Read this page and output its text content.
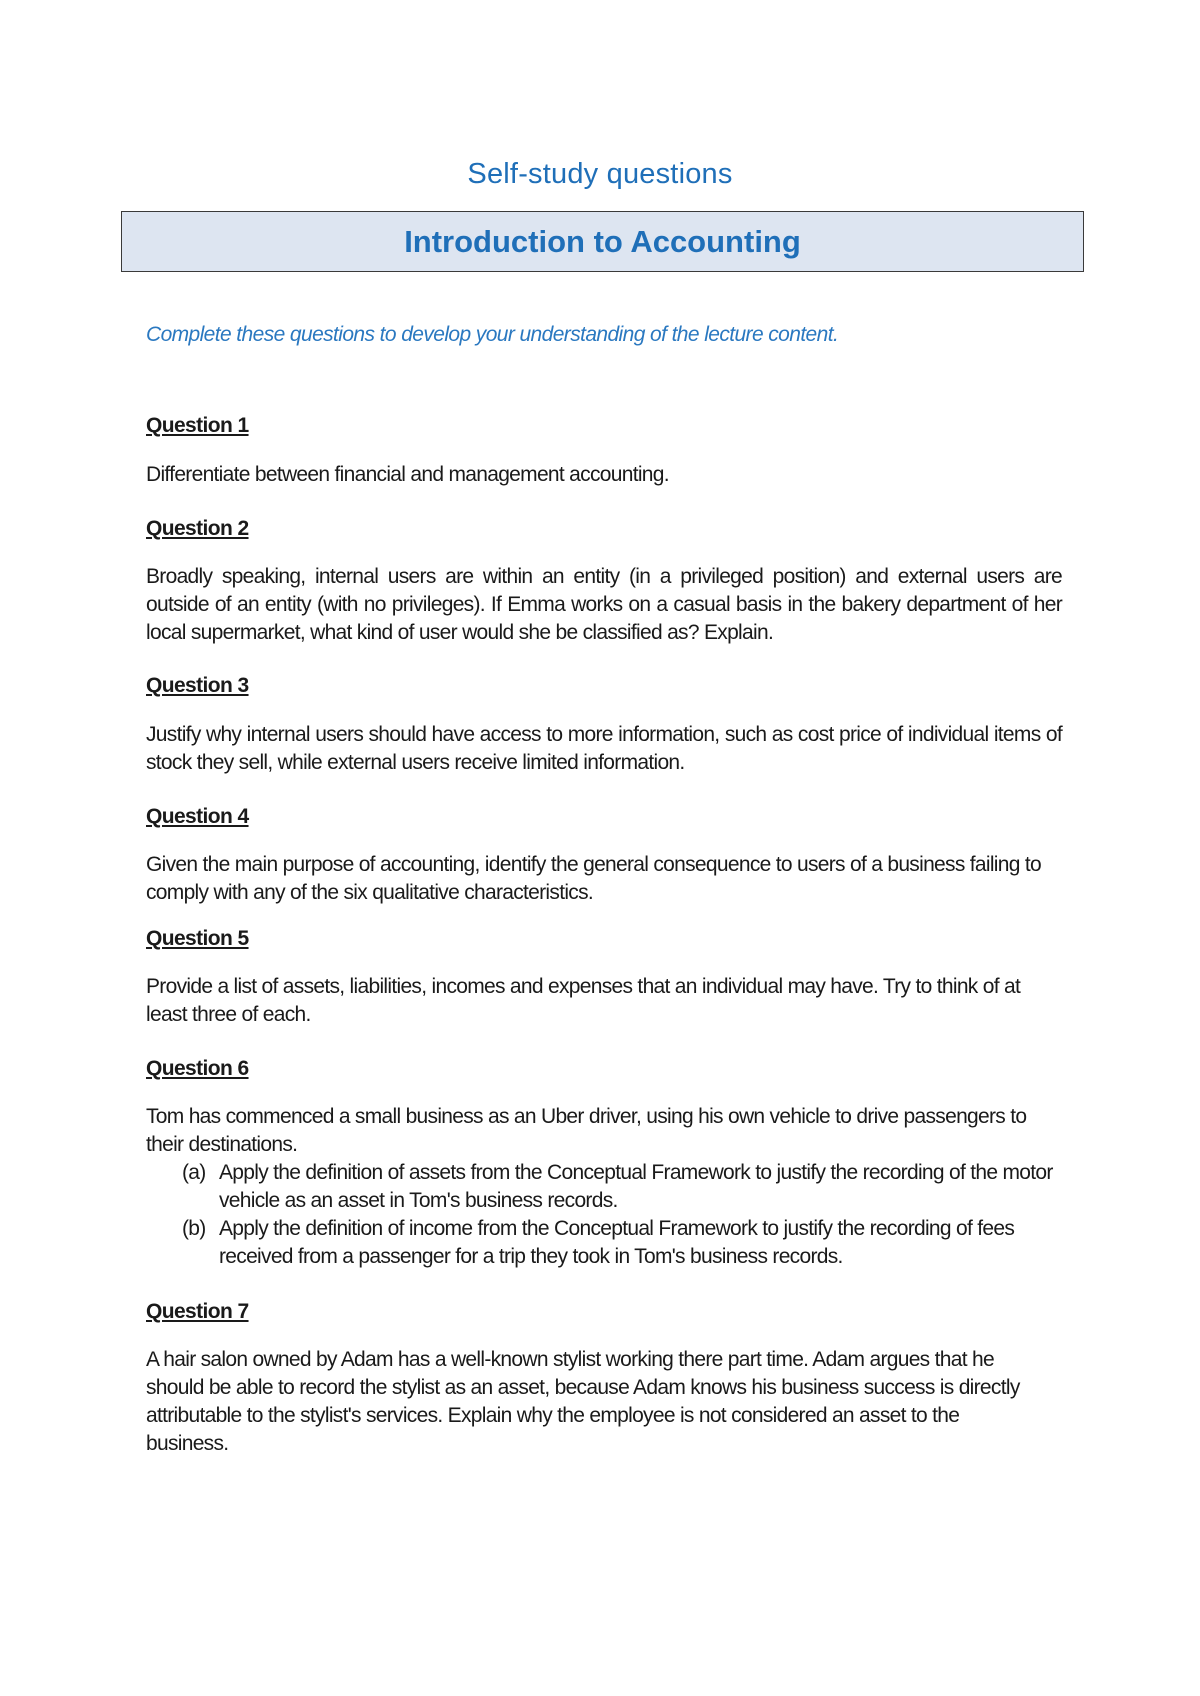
Self-study questions
Introduction to Accounting
Complete these questions to develop your understanding of the lecture content.

Question 1

Differentiate between financial and management accounting.

Question 2

Broadly speaking, internal users are within an entity (in a privileged position) and external users are outside of an entity (with no privileges). If Emma works on a casual basis in the bakery department of her local supermarket, what kind of user would she be classified as? Explain.

Question 3

Justify why internal users should have access to more information, such as cost price of individual items of stock they sell, while external users receive limited information.

Question 4

Given the main purpose of accounting, identify the general consequence to users of a business failing to comply with any of the six qualitative characteristics.

Question 5

Provide a list of assets, liabilities, incomes and expenses that an individual may have. Try to think of at least three of each.

Question 6

Tom has commenced a small business as an Uber driver, using his own vehicle to drive passengers to their destinations.

(a) Apply the definition of assets from the Conceptual Framework to justify the recording of the motor vehicle as an asset in Tom's business records.
(b) Apply the definition of income from the Conceptual Framework to justify the recording of fees received from a passenger for a trip they took in Tom's business records.

Question 7

A hair salon owned by Adam has a well-known stylist working there part time. Adam argues that he should be able to record the stylist as an asset, because Adam knows his business success is directly attributable to the stylist's services. Explain why the employee is not considered an asset to the business.
